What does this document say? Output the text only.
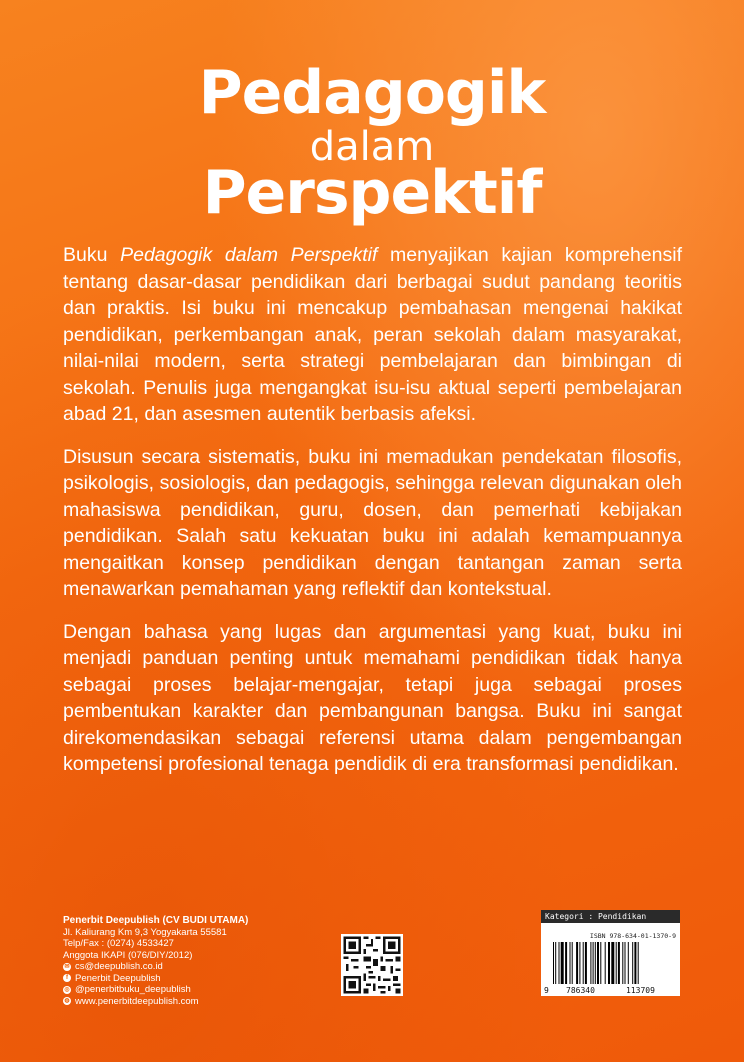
Pedagogik
dalam
Perspektif

Buku Pedagogik dalam Perspektif menyajikan kajian komprehensif tentang dasar-dasar pendidikan dari berbagai sudut pandang teoritis dan praktis. Isi buku ini mencakup pembahasan mengenai hakikat pendidikan, perkembangan anak, peran sekolah dalam masyarakat, nilai-nilai modern, serta strategi pembelajaran dan bimbingan di sekolah. Penulis juga mengangkat isu-isu aktual seperti pembelajaran abad 21, dan asesmen autentik berbasis afeksi.

Disusun secara sistematis, buku ini memadukan pendekatan filosofis, psikologis, sosiologis, dan pedagogis, sehingga relevan digunakan oleh mahasiswa pendidikan, guru, dosen, dan pemerhati kebijakan pendidikan. Salah satu kekuatan buku ini adalah kemampuannya mengaitkan konsep pendidikan dengan tantangan zaman serta menawarkan pemahaman yang reflektif dan kontekstual.

Dengan bahasa yang lugas dan argumentasi yang kuat, buku ini menjadi panduan penting untuk memahami pendidikan tidak hanya sebagai proses belajar-mengajar, tetapi juga sebagai proses pembentukan karakter dan pembangunan bangsa. Buku ini sangat direkomendasikan sebagai referensi utama dalam pengembangan kompetensi profesional tenaga pendidik di era transformasi pendidikan.

Penerbit Deepublish (CV BUDI UTAMA)
Jl. Kaliurang Km 9,3 Yogyakarta 55581
Telp/Fax : (0274) 4533427
Anggota IKAPI (076/DIY/2012)
✉ cs@deepublish.co.id
f Penerbit Deepublish
◎ @penerbitbuku_deepublish
◍ www.penerbitdeepublish.com
Kategori : Pendidikan
ISBN 978-634-01-1370-9
9 786340	113709
